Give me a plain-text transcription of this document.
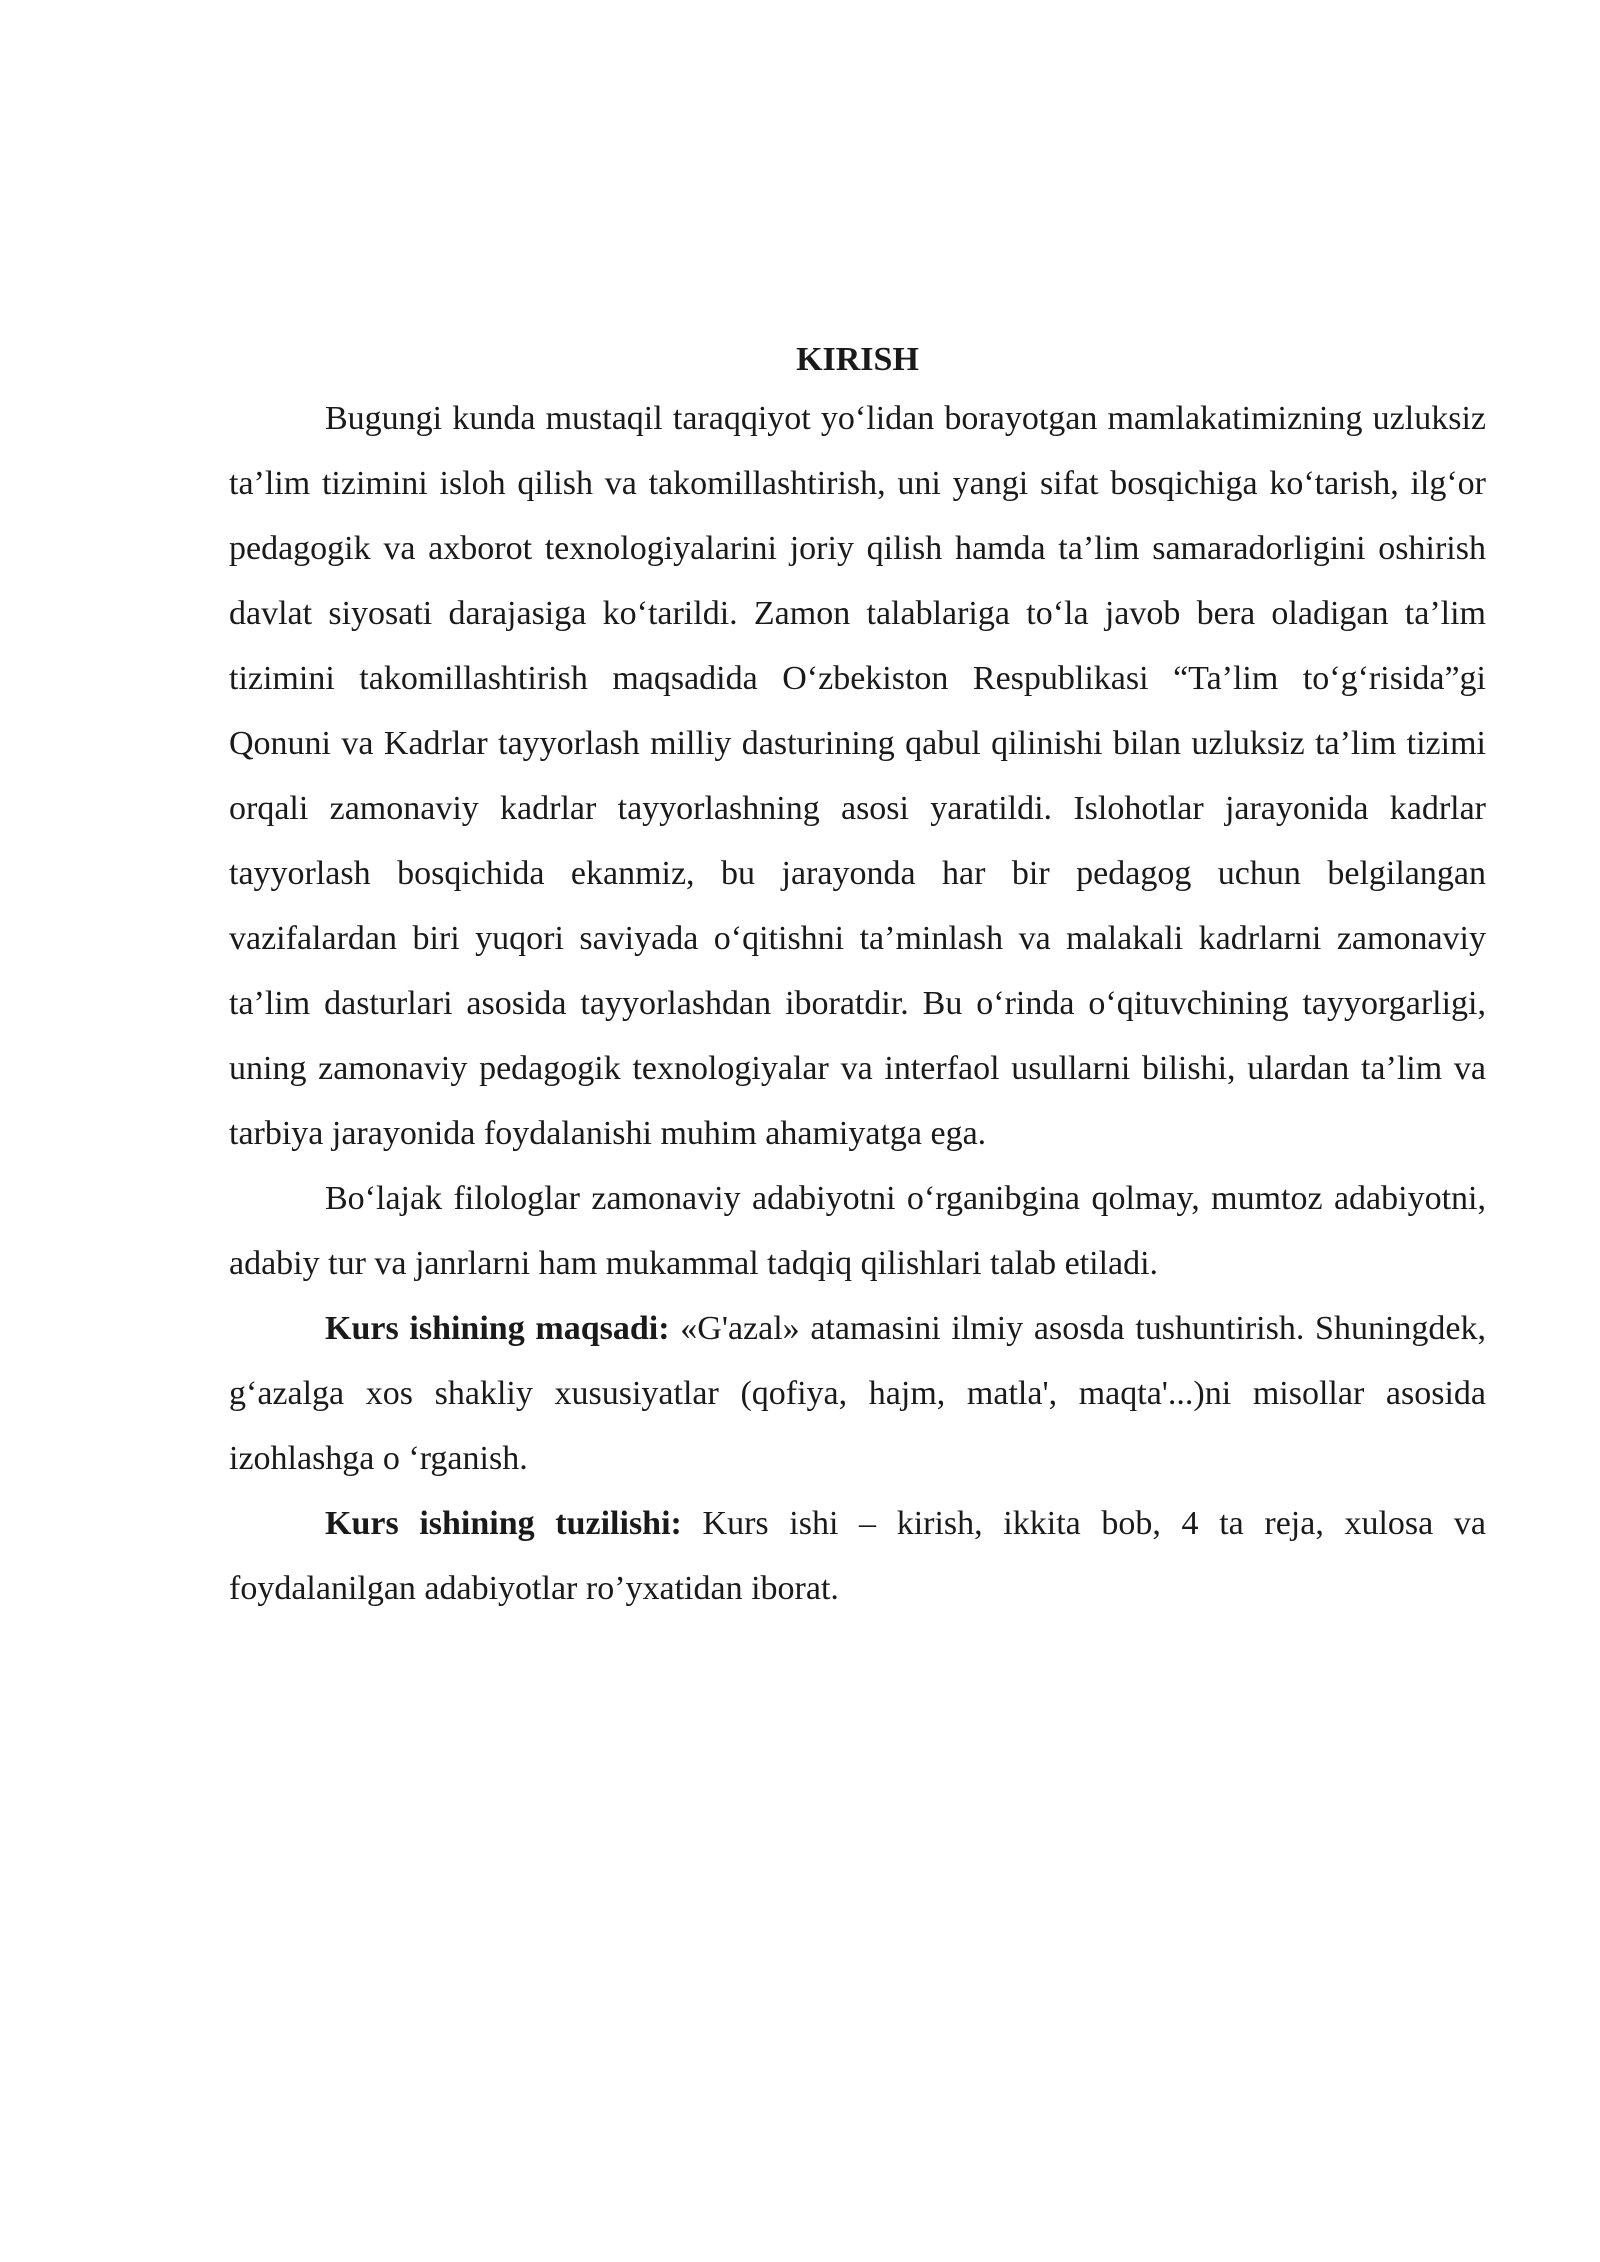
KIRISH

Bugungi kunda mustaqil taraqqiyot yo‘lidan borayotgan mamlakatimizning uzluksiz ta’lim tizimini isloh qilish va takomillashtirish, uni yangi sifat bosqichiga ko‘tarish, ilg‘or pedagogik va axborot texnologiyalarini joriy qilish hamda ta’lim samaradorligini oshirish davlat siyosati darajasiga ko‘tarildi. Zamon talablariga to‘la javob bera oladigan ta’lim tizimini takomillashtirish maqsadida O‘zbekiston Respublikasi “Ta’lim to‘g‘risida”gi Qonuni va Kadrlar tayyorlash milliy dasturining qabul qilinishi bilan uzluksiz ta’lim tizimi orqali zamonaviy kadrlar tayyorlashning asosi yaratildi. Islohotlar jarayonida kadrlar tayyorlash bosqichida ekanmiz, bu jarayonda har bir pedagog uchun belgilangan vazifalardan biri yuqori saviyada o‘qitishni ta’minlash va malakali kadrlarni zamonaviy ta’lim dasturlari asosida tayyorlashdan iboratdir. Bu o‘rinda o‘qituvchining tayyorgarligi, uning zamonaviy pedagogik texnologiyalar va interfaol usullarni bilishi, ulardan ta’lim va tarbiya jarayonida foydalanishi muhim ahamiyatga ega.

Bo‘lajak filologlar zamonaviy adabiyotni o‘rganibgina qolmay, mumtoz adabiyotni, adabiy tur va janrlarni ham mukammal tadqiq qilishlari talab etiladi.

Kurs ishining maqsadi: «G'azal» atamasini ilmiy asosda tushuntirish. Shuningdek, g‘azalga xos shakliy xususiyatlar (qofiya, hajm, matla', maqta'...)ni misollar asosida izohlashga o ‘rganish.

Kurs ishining tuzilishi: Kurs ishi – kirish, ikkita bob, 4 ta reja, xulosa va foydalanilgan adabiyotlar ro’yxatidan iborat.
